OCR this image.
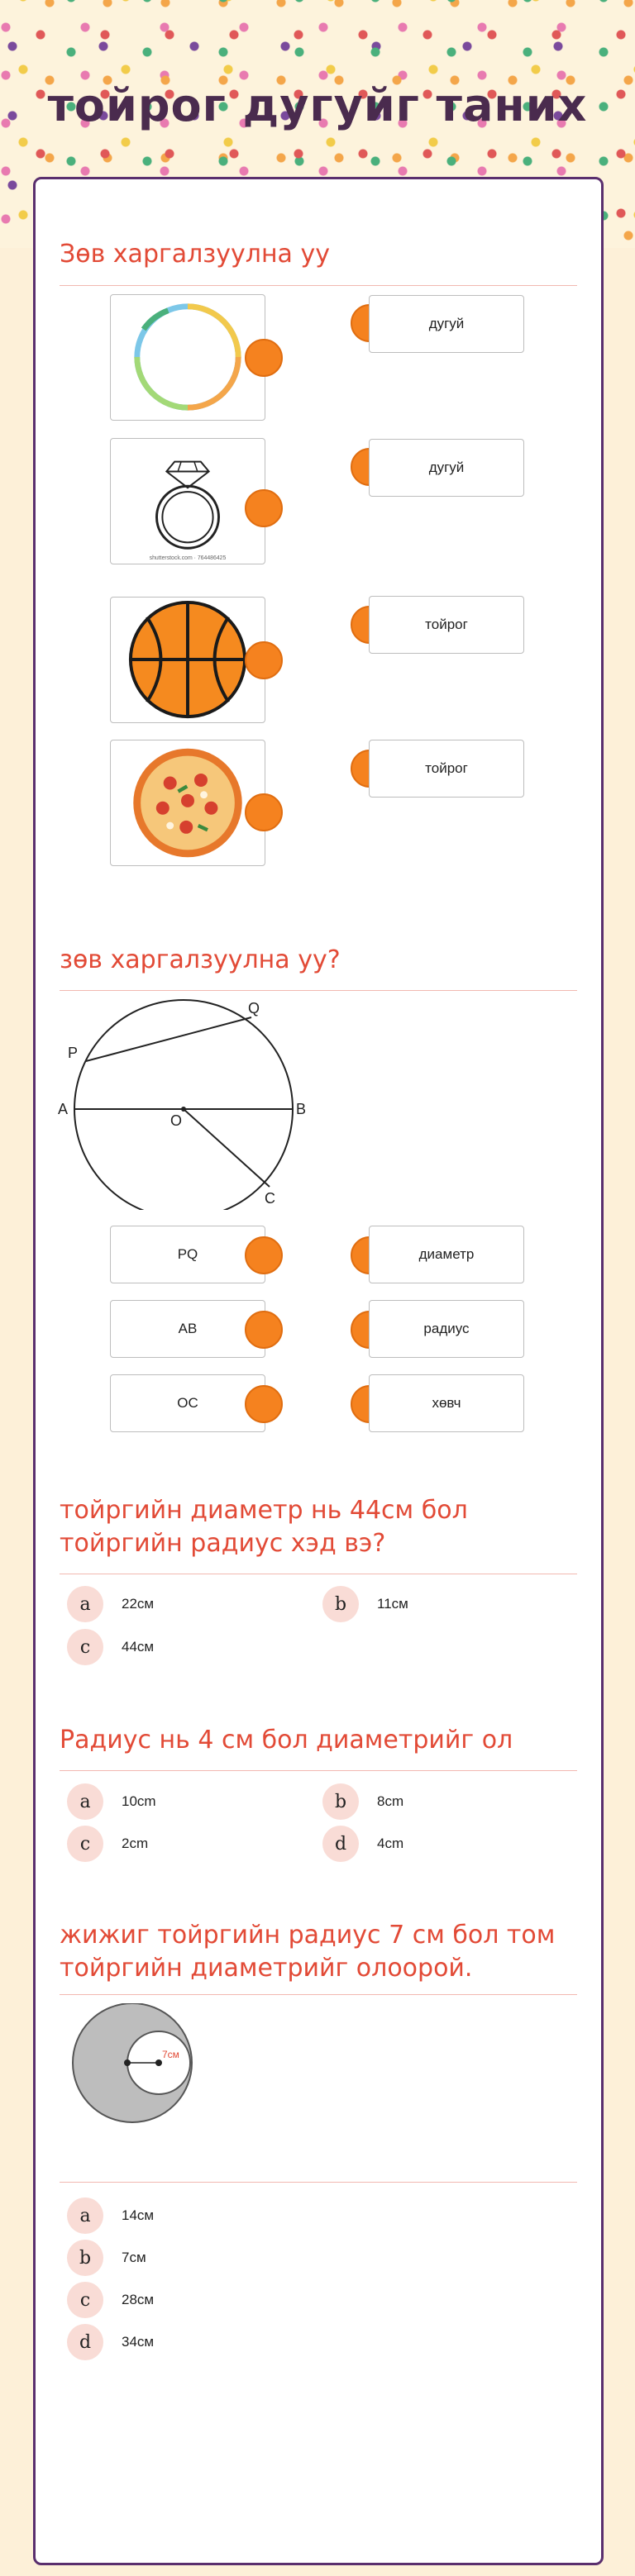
тойрог дугуйг таних
Зөв харгалзуулна уу
shutterstock.com · 764486425
дугуй
дугуй
тойрог
тойрог
зөв харгалзуулна уу?
Q
P
A	B
O
C
PQ
AB
OC
диаметр
радиус
хөвч
тойргийн диаметр нь 44см бол
тойргийн радиус хэд вэ?
a	22см	b	11см
c	44см
Радиус нь 4 см бол диаметрийг ол
a	10cm	b	8cm
c	2cm	d	4cm
жижиг тойргийн радиус 7 см бол том
тойргийн диаметрийг олоорой.
7см
a	14см
b	7см
c	28см
d	34см
